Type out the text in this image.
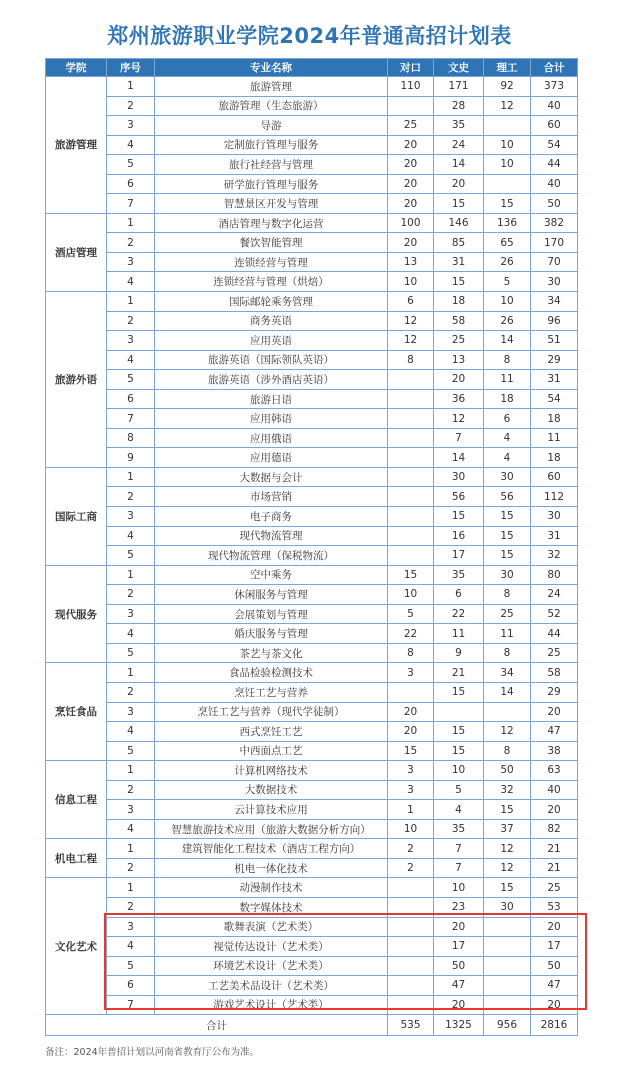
郑州旅游职业学院2024年普通高招计划表
学院	序号	专业名称	对口	文史	理工	合计
旅游管理	1	旅游管理	110	171	92	373
	2	旅游管理（生态旅游）		28	12	40
	3	导游	25	35		60
	4	定制旅行管理与服务	20	24	10	54
	5	旅行社经营与管理	20	14	10	44
	6	研学旅行管理与服务	20	20		40
	7	智慧景区开发与管理	20	15	15	50
酒店管理	1	酒店管理与数字化运营	100	146	136	382
	2	餐饮智能管理	20	85	65	170
	3	连锁经营与管理	13	31	26	70
	4	连锁经营与管理（烘焙）	10	15	5	30
旅游外语	1	国际邮轮乘务管理	6	18	10	34
	2	商务英语	12	58	26	96
	3	应用英语	12	25	14	51
	4	旅游英语（国际领队英语）	8	13	8	29
	5	旅游英语（涉外酒店英语）		20	11	31
	6	旅游日语		36	18	54
	7	应用韩语		12	6	18
	8	应用俄语		7	4	11
	9	应用德语		14	4	18
国际工商	1	大数据与会计		30	30	60
	2	市场营销		56	56	112
	3	电子商务		15	15	30
	4	现代物流管理		16	15	31
	5	现代物流管理（保税物流）		17	15	32
现代服务	1	空中乘务	15	35	30	80
	2	休闲服务与管理	10	6	8	24
	3	会展策划与管理	5	22	25	52
	4	婚庆服务与管理	22	11	11	44
	5	茶艺与茶文化	8	9	8	25
烹饪食品	1	食品检验检测技术	3	21	34	58
	2	烹饪工艺与营养		15	14	29
	3	烹饪工艺与营养（现代学徒制）	20			20
	4	西式烹饪工艺	20	15	12	47
	5	中西面点工艺	15	15	8	38
信息工程	1	计算机网络技术	3	10	50	63
	2	大数据技术	3	5	32	40
	3	云计算技术应用	1	4	15	20
	4	智慧旅游技术应用（旅游大数据分析方向）	10	35	37	82
机电工程	1	建筑智能化工程技术（酒店工程方向）	2	7	12	21
	2	机电一体化技术	2	7	12	21
文化艺术	1	动漫制作技术		10	15	25
	2	数字媒体技术		23	30	53
	3	歌舞表演（艺术类）		20		20
	4	视觉传达设计（艺术类）		17		17
	5	环境艺术设计（艺术类）		50		50
	6	工艺美术品设计（艺术类）		47		47
	7	游戏艺术设计（艺术类）		20		20
合计			535	1325	956	2816
备注：2024年普招计划以河南省教育厅公布为准。
